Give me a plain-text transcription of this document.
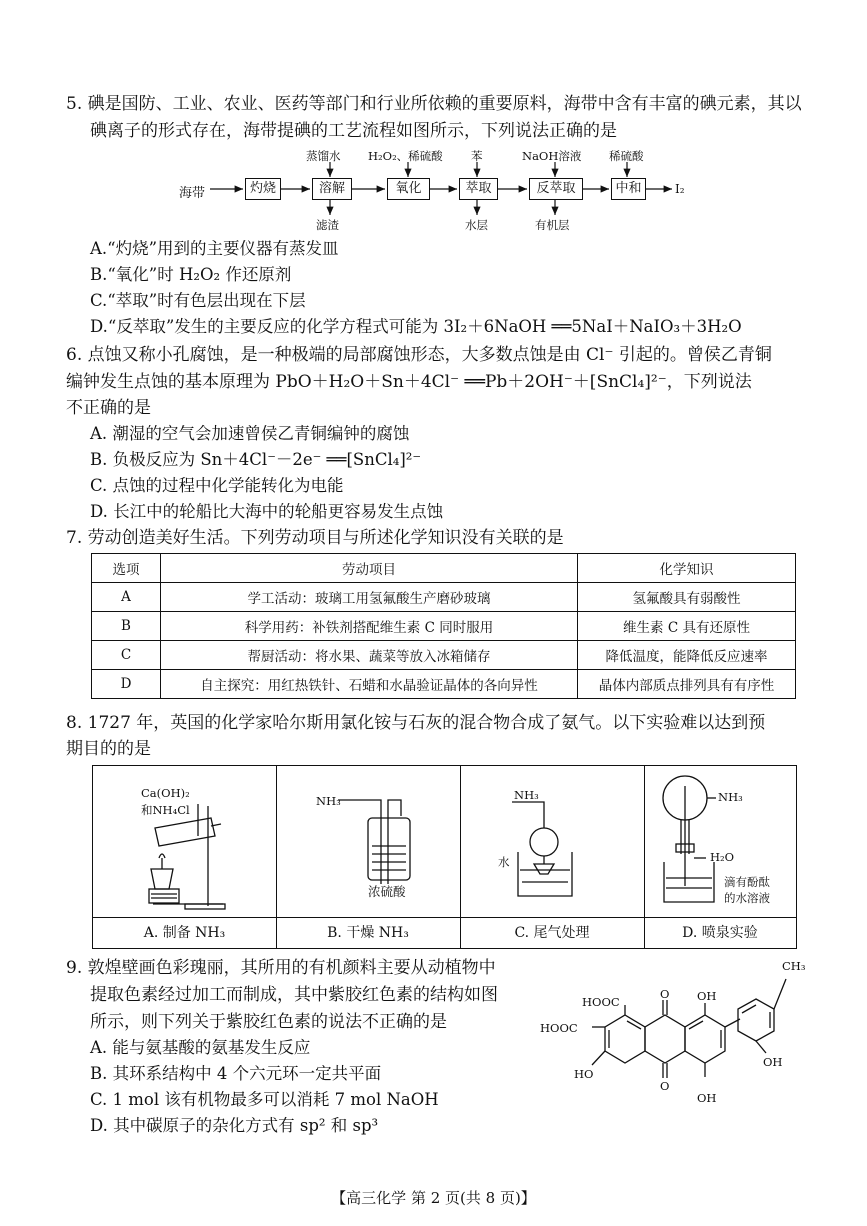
5. 碘是国防、工业、农业、医药等部门和行业所依赖的重要原料，海带中含有丰富的碘元素，其以
碘离子的形式存在，海带提碘的工艺流程如图所示，下列说法正确的是
海带	灼烧	溶解	氧化	萃取	反萃取	中和	I₂
蒸馏水 H₂O₂、稀硫酸 苯	NaOH溶液 稀硫酸
滤渣	水层	有机层
A.“灼烧”用到的主要仪器有蒸发皿
B.“氧化”时 H₂O₂ 作还原剂
C.“萃取”时有色层出现在下层
D.“反萃取”发生的主要反应的化学方程式可能为 3I₂＋6NaOH ══5NaI＋NaIO₃＋3H₂O
6. 点蚀又称小孔腐蚀，是一种极端的局部腐蚀形态，大多数点蚀是由 Cl⁻ 引起的。曾侯乙青铜
编钟发生点蚀的基本原理为 PbO＋H₂O＋Sn＋4Cl⁻ ══Pb＋2OH⁻＋[SnCl₄]²⁻，下列说法
不正确的是
A. 潮湿的空气会加速曾侯乙青铜编钟的腐蚀
B. 负极反应为 Sn＋4Cl⁻－2e⁻ ══[SnCl₄]²⁻
C. 点蚀的过程中化学能转化为电能
D. 长江中的轮船比大海中的轮船更容易发生点蚀
7. 劳动创造美好生活。下列劳动项目与所述化学知识没有关联的是
选项	劳动项目	化学知识
A	学工活动：玻璃工用氢氟酸生产磨砂玻璃	氢氟酸具有弱酸性
B	科学用药：补铁剂搭配维生素 C 同时服用	维生素 C 具有还原性
C	帮厨活动：将水果、蔬菜等放入冰箱储存	降低温度，能降低反应速率
D	自主探究：用红热铁针、石蜡和水晶验证晶体的各向异性	晶体内部质点排列具有有序性
8. 1727 年，英国的化学家哈尔斯用氯化铵与石灰的混合物合成了氨气。以下实验难以达到预
期目的的是
Ca(OH)₂
和NH₄Cl
A. 制备 NH₃
NH₃
浓硫酸
B. 干燥 NH₃
NH₃
水
C. 尾气处理
NH₃
H₂O
滴有酚酞
的水溶液
D. 喷泉实验
9. 敦煌壁画色彩瑰丽，其所用的有机颜料主要从动植物中
提取色素经过加工而制成，其中紫胶红色素的结构如图
所示，则下列关于紫胶红色素的说法不正确的是
A. 能与氨基酸的氨基发生反应
B. 其环系结构中 4 个六元环一定共平面
C. 1 mol 该有机物最多可以消耗 7 mol NaOH
D. 其中碳原子的杂化方式有 sp² 和 sp³
CH₃
HOOC
HOOC
HO
OH
OH
OH
O
O
【高三化学 第 2 页(共 8 页)】
